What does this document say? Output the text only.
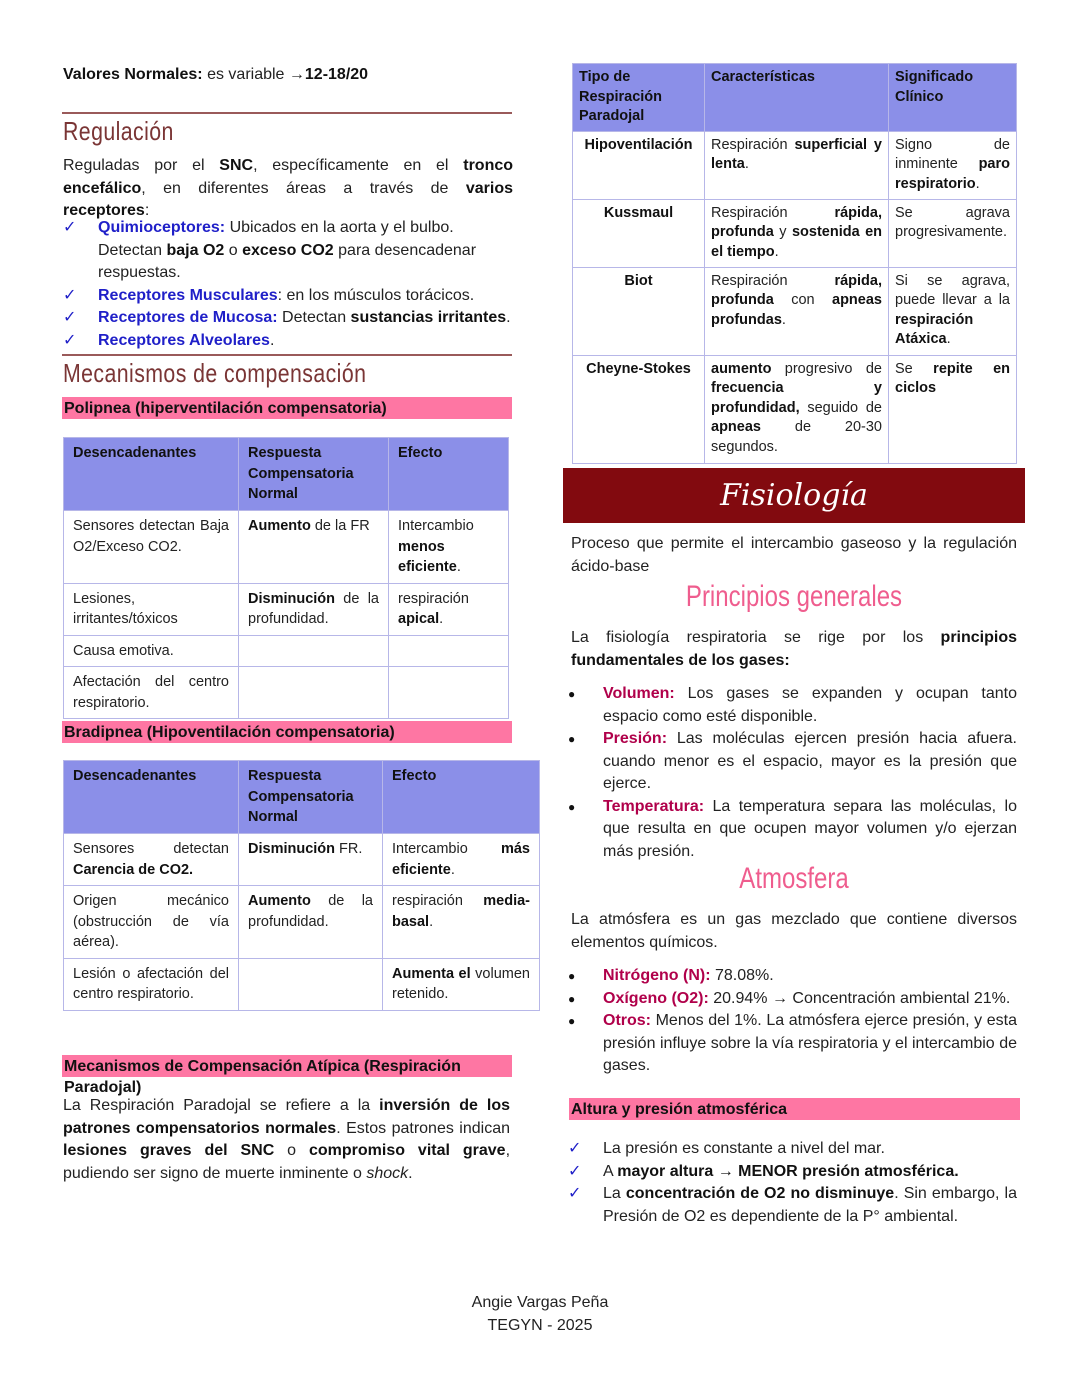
Valores Normales: es variable →12-18/20
Regulación
Reguladas por el SNC, específicamente en el tronco encefálico, en diferentes áreas a través de varios receptores:
✓ Quimioceptores: Ubicados en la aorta y el bulbo. Detectan baja O2 o exceso CO2 para desencadenar respuestas.
✓ Receptores Musculares: en los músculos torácicos.
✓ Receptores de Mucosa: Detectan sustancias irritantes.
✓ Receptores Alveolares.
Mecanismos de compensación
Polipnea (hiperventilación compensatoria)
Desencadenantes	Respuesta Compensatoria Normal	Efecto
Sensores detectan Baja O2/Exceso CO2.	Aumento de la FR	Intercambio menos eficiente.
Lesiones, irritantes/tóxicos	Disminución de la profundidad.	respiración apical.
Causa emotiva.		
Afectación del centro respiratorio.		
Bradipnea (Hipoventilación compensatoria)
Desencadenantes	Respuesta Compensatoria Normal	Efecto
Sensores detectan Carencia de CO2.	Disminución FR.	Intercambio más eficiente.
Origen mecánico (obstrucción de vía aérea).	Aumento de la profundidad.	respiración media-basal.
Lesión o afectación del centro respiratorio.		Aumenta el volumen retenido.
Mecanismos de Compensación Atípica (Respiración Paradojal)
La Respiración Paradojal se refiere a la inversión de los patrones compensatorios normales. Estos patrones indican lesiones graves del SNC o compromiso vital grave, pudiendo ser signo de muerte inminente o shock.
Tipo de Respiración Paradojal	Características	Significado Clínico
Hipoventilación	Respiración superficial y lenta.	Signo de inminente paro respiratorio.
Kussmaul	Respiración rápida, profunda y sostenida en el tiempo.	Se agrava progresivamente.
Biot	Respiración rápida, profunda con apneas profundas.	Si se agrava, puede llevar a la respiración Atáxica.
Cheyne-Stokes	aumento progresivo de frecuencia y profundidad, seguido de apneas de 20-30 segundos.	Se repite en ciclos
Fisiología
Proceso que permite el intercambio gaseoso y la regulación ácido-base
Principios generales
La fisiología respiratoria se rige por los principios fundamentales de los gases:
● Volumen: Los gases se expanden y ocupan tanto espacio como esté disponible.
● Presión: Las moléculas ejercen presión hacia afuera. cuando menor es el espacio, mayor es la presión que ejerce.
● Temperatura: La temperatura separa las moléculas, lo que resulta en que ocupen mayor volumen y/o ejerzan más presión.
Atmosfera
La atmósfera es un gas mezclado que contiene diversos elementos químicos.
● Nitrógeno (N): 78.08%.
● Oxígeno (O2): 20.94% → Concentración ambiental 21%.
● Otros: Menos del 1%. La atmósfera ejerce presión, y esta presión influye sobre la vía respiratoria y el intercambio de gases.
Altura y presión atmosférica
✓ La presión es constante a nivel del mar.
✓ A mayor altura → MENOR presión atmosférica.
✓ La concentración de O2 no disminuye. Sin embargo, la Presión de O2 es dependiente de la P° ambiental.
Angie Vargas Peña
TEGYN - 2025
